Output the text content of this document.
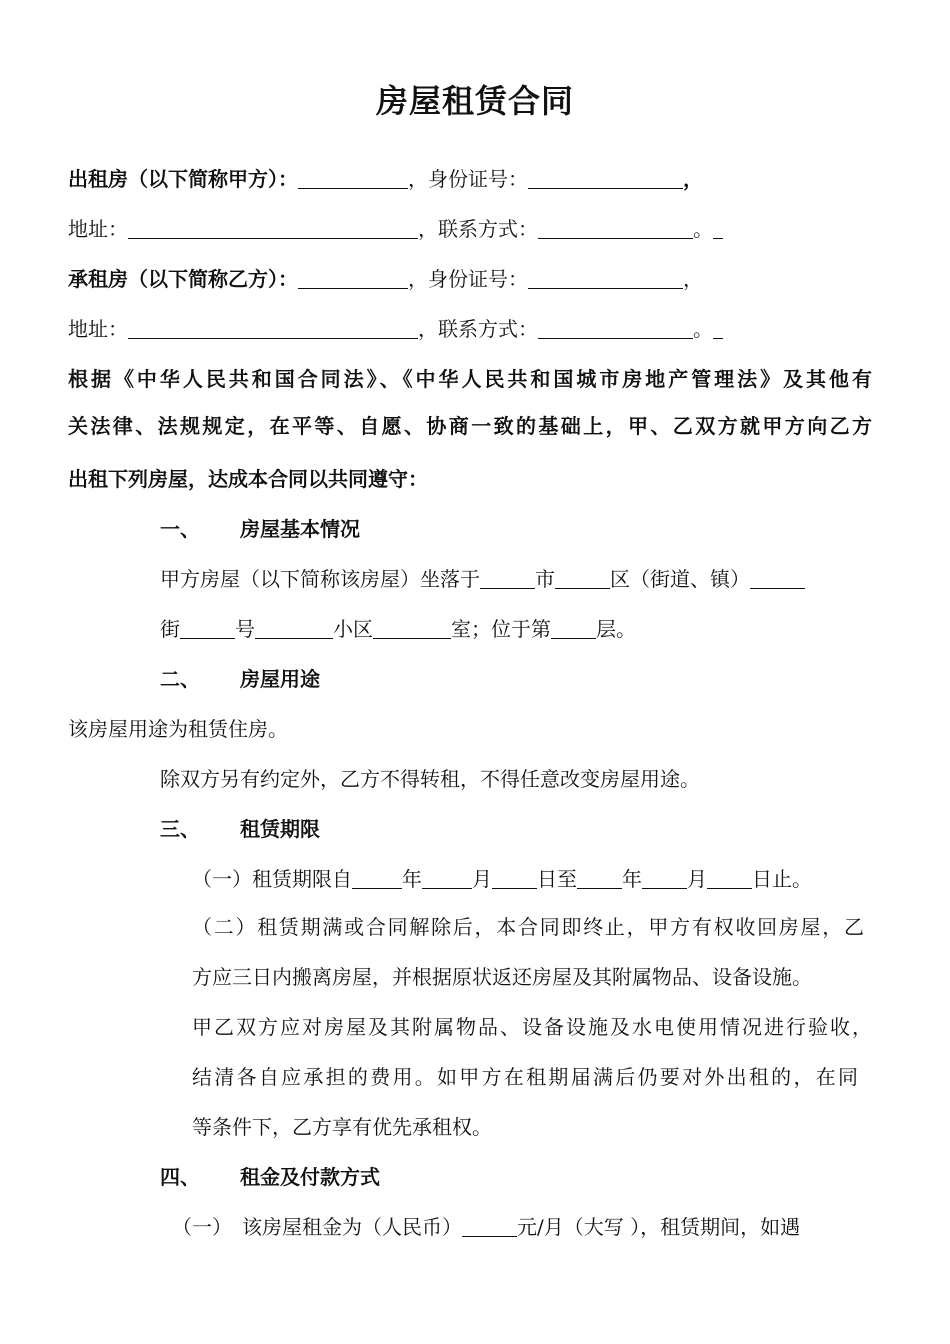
房屋租赁合同
出租房（以下简称甲方）：	，身份证号：	，
地址：	，联系方式：	。
承租房（以下简称乙方）：	，身份证号：	，
地址：	，联系方式：	。
根据《中华人民共和国合同法》、《中华人民共和国城市房地产管理法》及其他有
关法律、法规规定，在平等、自愿、协商一致的基础上，甲、乙双方就甲方向乙方
出租下列房屋，达成本合同以共同遵守：
一、 房屋基本情况
甲方房屋（以下简称该房屋）坐落于	市	区（街道、镇）
街	号	小区	室；位于第 层。
二、 房屋用途
该房屋用途为租赁住房。
除双方另有约定外，乙方不得转租，不得任意改变房屋用途。
三、 租赁期限
（一）租赁期限自	年	月 日至 年 月 日止。
（二）租赁期满或合同解除后，本合同即终止，甲方有权收回房屋，乙
方应三日内搬离房屋，并根据原状返还房屋及其附属物品、设备设施。
甲乙双方应对房屋及其附属物品、设备设施及水电使用情况进行验收，
结清各自应承担的费用。如甲方在租期届满后仍要对外出租的，在同
等条件下，乙方享有优先承租权。
四、 租金及付款方式
（一） 该房屋租金为（人民币）	元/月（大写 ），租赁期间，如遇
